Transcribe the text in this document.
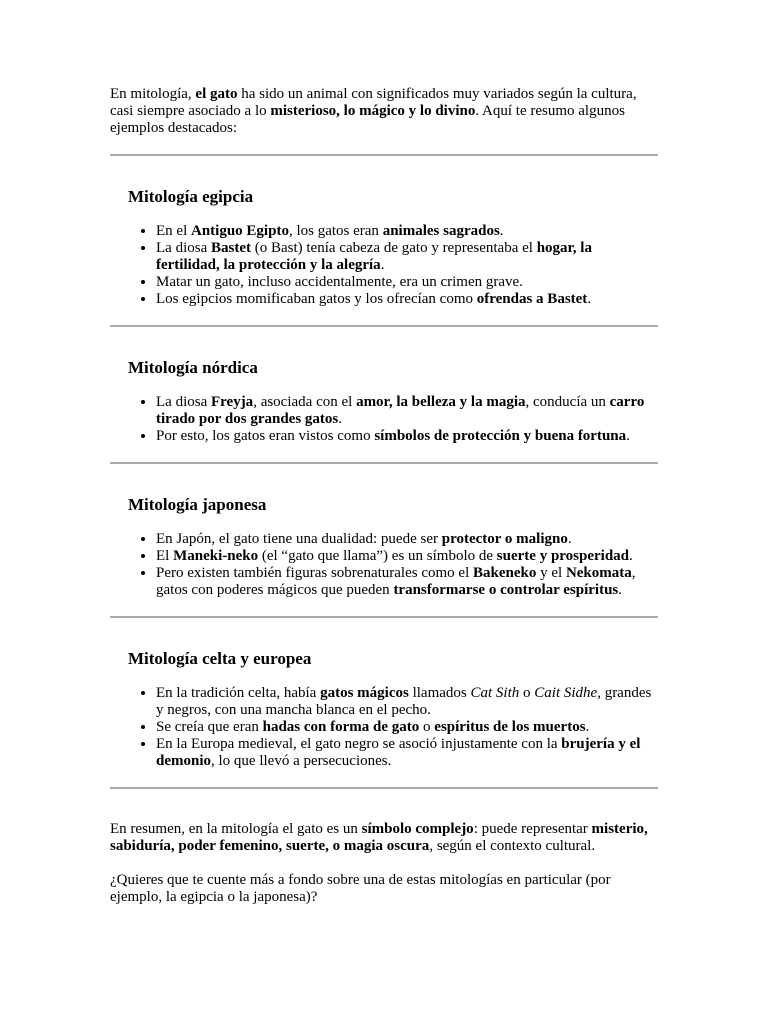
En mitología, el gato ha sido un animal con significados muy variados según la cultura, casi siempre asociado a lo misterioso, lo mágico y lo divino. Aquí te resumo algunos ejemplos destacados:

Mitología egipcia
• En el Antiguo Egipto, los gatos eran animales sagrados.
• La diosa Bastet (o Bast) tenía cabeza de gato y representaba el hogar, la fertilidad, la protección y la alegría.
• Matar un gato, incluso accidentalmente, era un crimen grave.
• Los egipcios momificaban gatos y los ofrecían como ofrendas a Bastet.
Mitología nórdica
• La diosa Freyja, asociada con el amor, la belleza y la magia, conducía un carro tirado por dos grandes gatos.
• Por esto, los gatos eran vistos como símbolos de protección y buena fortuna.
Mitología japonesa
• En Japón, el gato tiene una dualidad: puede ser protector o maligno.
• El Maneki-neko (el “gato que llama”) es un símbolo de suerte y prosperidad.
• Pero existen también figuras sobrenaturales como el Bakeneko y el Nekomata, gatos con poderes mágicos que pueden transformarse o controlar espíritus.
Mitología celta y europea
• En la tradición celta, había gatos mágicos llamados Cat Sith o Cait Sidhe, grandes y negros, con una mancha blanca en el pecho.
• Se creía que eran hadas con forma de gato o espíritus de los muertos.
• En la Europa medieval, el gato negro se asoció injustamente con la brujería y el demonio, lo que llevó a persecuciones.

En resumen, en la mitología el gato es un símbolo complejo: puede representar misterio, sabiduría, poder femenino, suerte, o magia oscura, según el contexto cultural.

¿Quieres que te cuente más a fondo sobre una de estas mitologías en particular (por ejemplo, la egipcia o la japonesa)?
